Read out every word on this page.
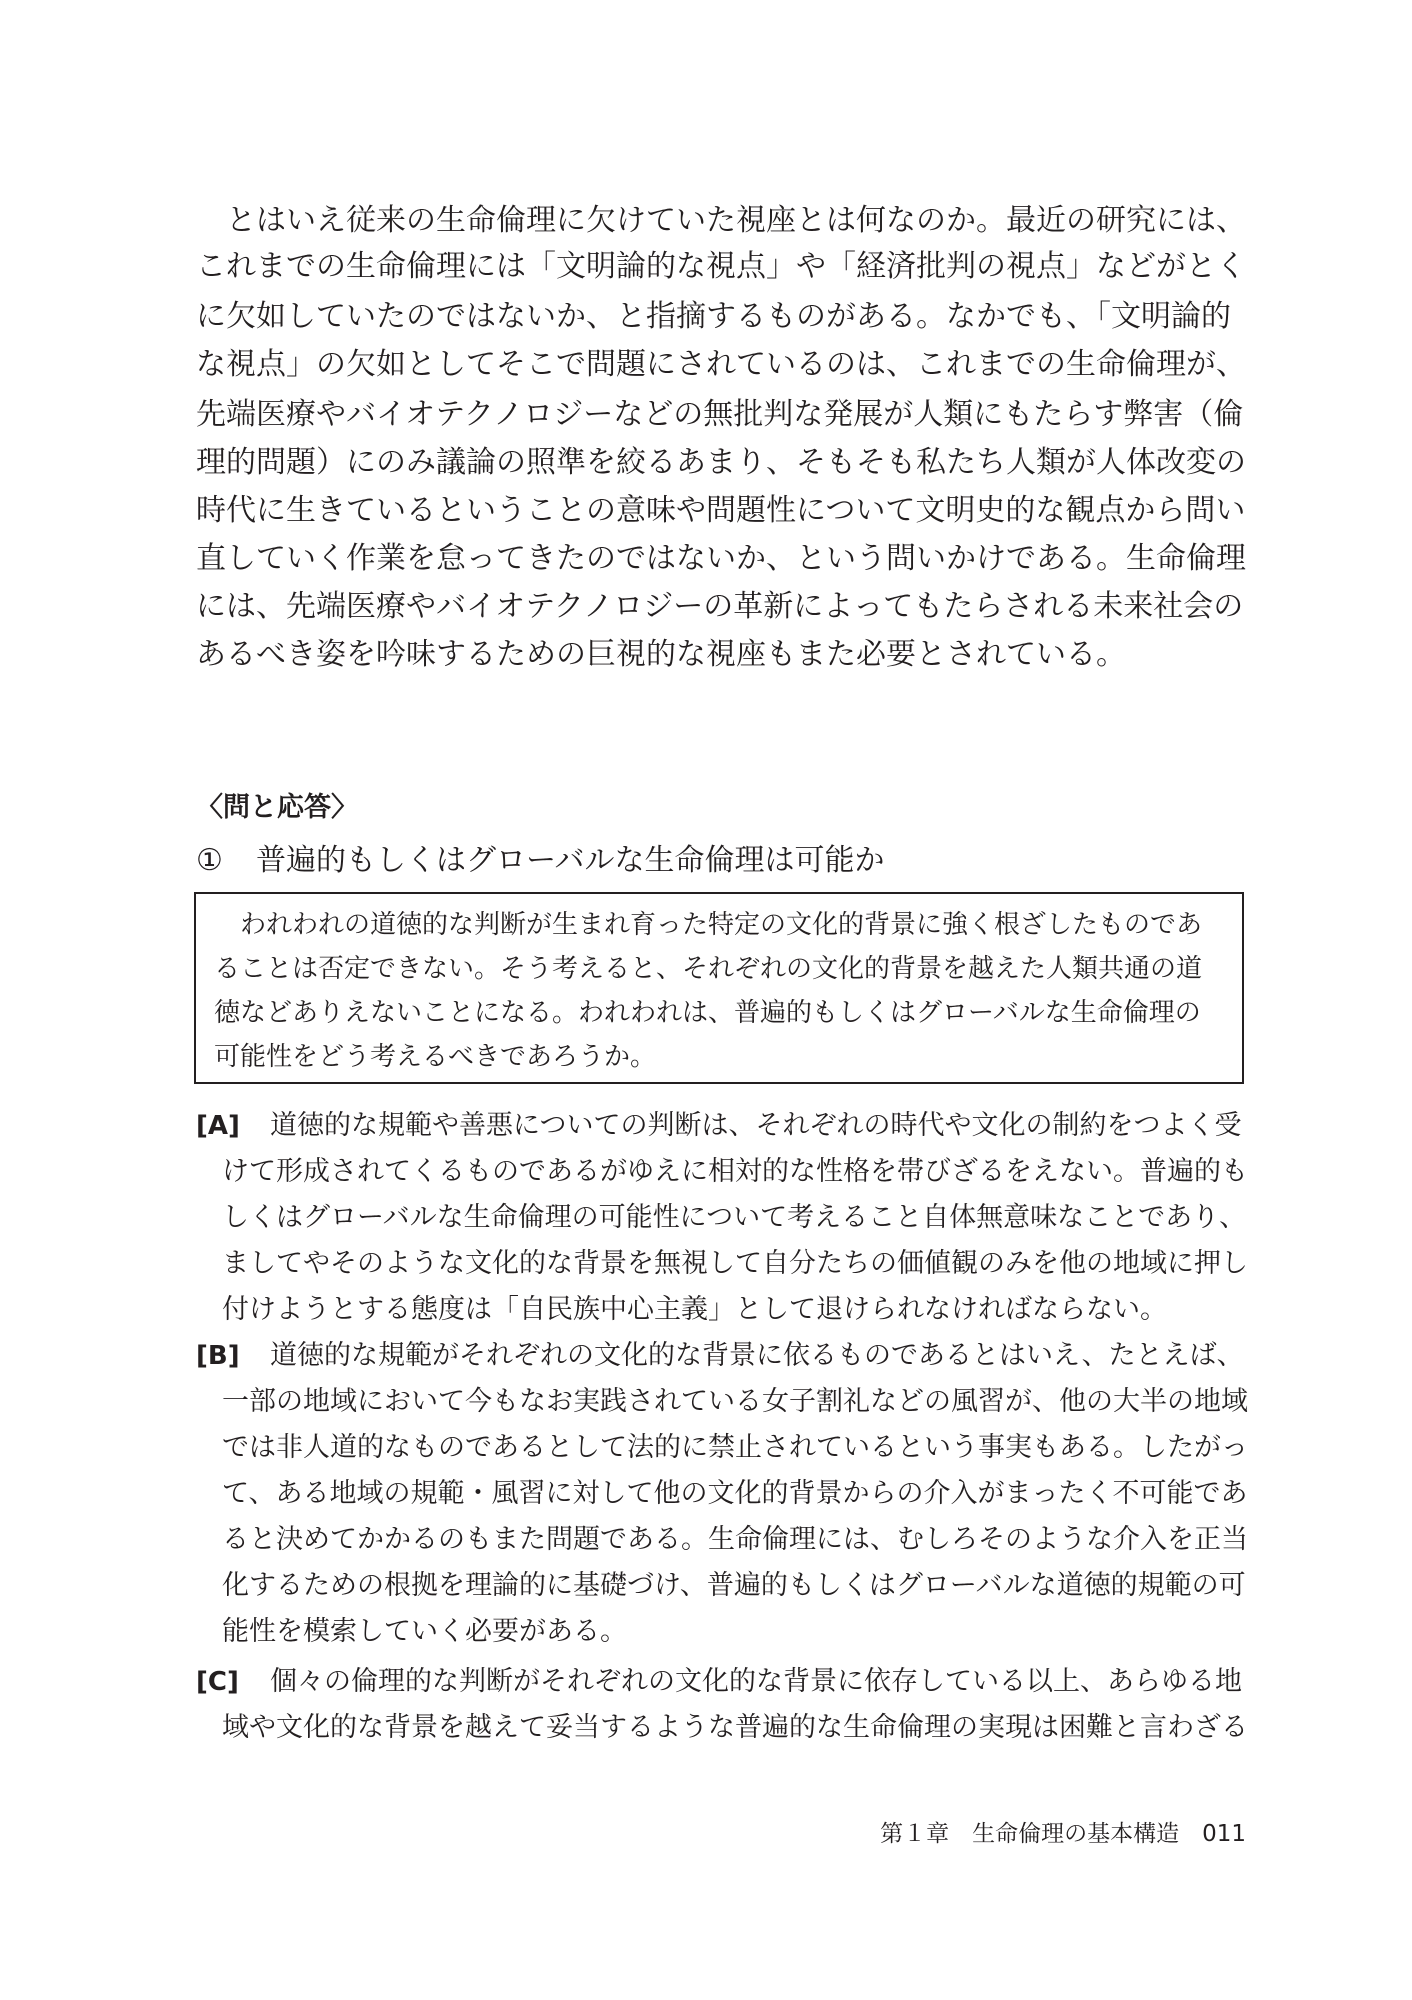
とはいえ従来の生命倫理に欠けていた視座とは何なのか。最近の研究には、
これまでの生命倫理には「文明論的な視点」や「経済批判の視点」などがとく
に欠如していたのではないか、と指摘するものがある。なかでも、「文明論的
な視点」の欠如としてそこで問題にされているのは、これまでの生命倫理が、
先端医療やバイオテクノロジーなどの無批判な発展が人類にもたらす弊害（倫
理的問題）にのみ議論の照準を絞るあまり、そもそも私たち人類が人体改変の
時代に生きているということの意味や問題性について文明史的な観点から問い
直していく作業を怠ってきたのではないか、という問いかけである。生命倫理
には、先端医療やバイオテクノロジーの革新によってもたらされる未来社会の
あるべき姿を吟味するための巨視的な視座もまた必要とされている。
〈問と応答〉
① 普遍的もしくはグローバルな生命倫理は可能か
われわれの道徳的な判断が生まれ育った特定の文化的背景に強く根ざしたものであ
ることは否定できない。そう考えると、それぞれの文化的背景を越えた人類共通の道
徳などありえないことになる。われわれは、普遍的もしくはグローバルな生命倫理の
可能性をどう考えるべきであろうか。
[A] 道徳的な規範や善悪についての判断は、それぞれの時代や文化の制約をつよく受
けて形成されてくるものであるがゆえに相対的な性格を帯びざるをえない。普遍的も
しくはグローバルな生命倫理の可能性について考えること自体無意味なことであり、
ましてやそのような文化的な背景を無視して自分たちの価値観のみを他の地域に押し
付けようとする態度は「自民族中心主義」として退けられなければならない。
[B] 道徳的な規範がそれぞれの文化的な背景に依るものであるとはいえ、たとえば、
一部の地域において今もなお実践されている女子割礼などの風習が、他の大半の地域
では非人道的なものであるとして法的に禁止されているという事実もある。したがっ
て、ある地域の規範・風習に対して他の文化的背景からの介入がまったく不可能であ
ると決めてかかるのもまた問題である。生命倫理には、むしろそのような介入を正当
化するための根拠を理論的に基礎づけ、普遍的もしくはグローバルな道徳的規範の可
能性を模索していく必要がある。
[C] 個々の倫理的な判断がそれぞれの文化的な背景に依存している以上、あらゆる地
域や文化的な背景を越えて妥当するような普遍的な生命倫理の実現は困難と言わざる
第１章　 生命倫理の基本構造　 011
